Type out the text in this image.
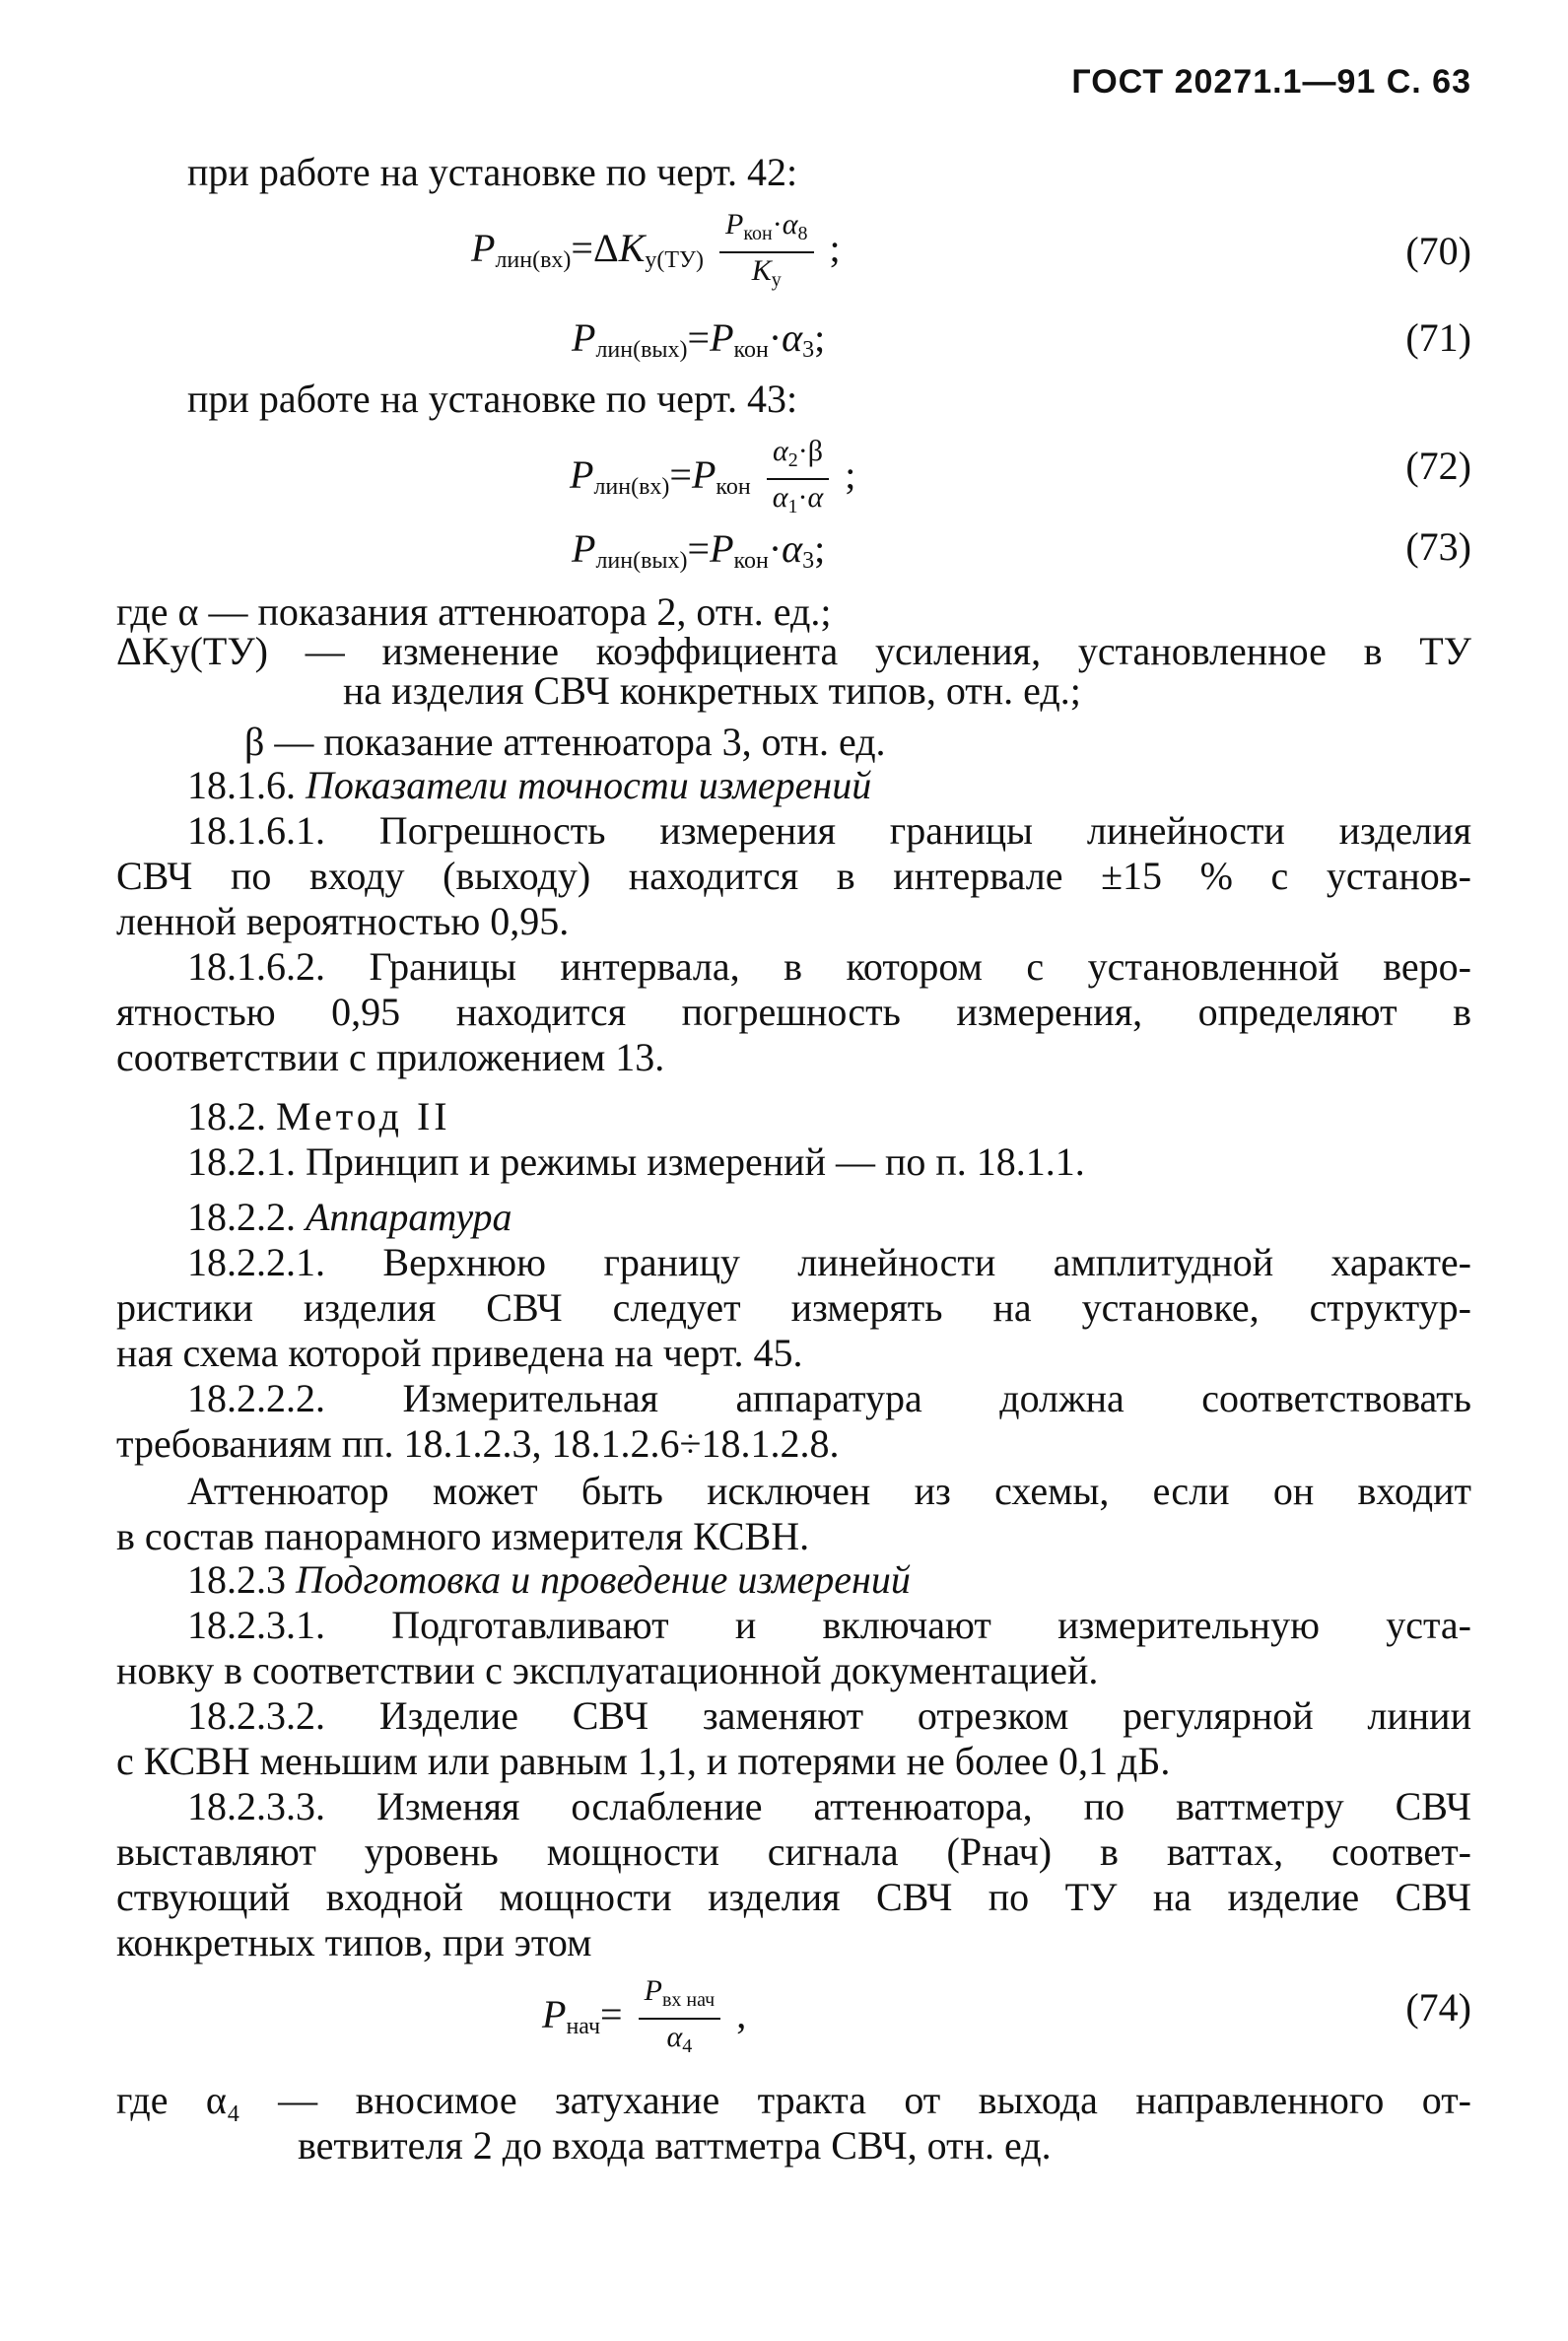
ГОСТ 20271.1—91 С. 63
при работе на установке по черт. 42:
$P_{лин(вх)}=\Delta K_{у(ТУ)} \frac{P_{кон}\cdot\alpha_8}{K_у}$ ;	(70)
$P_{лин(вых)}=P_{кон}\cdot\alpha_3$;	(71)
при работе на установке по черт. 43:
$P_{лин(вх)}=P_{кон} \frac{\alpha_2\cdot\beta}{\alpha_1\cdot\alpha}$ ;	(72)
$P_{лин(вых)}=P_{кон}\cdot\alpha_3$;	(73)
где α — показания аттенюатора 2, отн. ед.;
ΔKу(ТУ) — изменение коэффициента усиления, установленное в ТУ
на изделия СВЧ конкретных типов, отн. ед.;
β — показание аттенюатора 3, отн. ед.
18.1.6. Показатели точности измерений
18.1.6.1. Погрешность измерения границы линейности изделия
СВЧ по входу (выходу) находится в интервале ±15 % с установ-
ленной вероятностью 0,95.
18.1.6.2. Границы интервала, в котором с установленной веро-
ятностью 0,95 находится погрешность измерения, определяют в
соответствии с приложением 13.
18.2. Метод II
18.2.1. Принцип и режимы измерений — по п. 18.1.1.
18.2.2. Аппаратура
18.2.2.1. Верхнюю границу линейности амплитудной характе-
ристики изделия СВЧ следует измерять на установке, структур-
ная схема которой приведена на черт. 45.
18.2.2.2. Измерительная аппаратура должна соответствовать
требованиям пп. 18.1.2.3, 18.1.2.6÷18.1.2.8.
Аттенюатор может быть исключен из схемы, если он входит
в состав панорамного измерителя КСВН.
18.2.3 Подготовка и проведение измерений
18.2.3.1. Подготавливают и включают измерительную уста-
новку в соответствии с эксплуатационной документацией.
18.2.3.2. Изделие СВЧ заменяют отрезком регулярной линии
с КСВН меньшим или равным 1,1, и потерями не более 0,1 дБ.
18.2.3.3. Изменяя ослабление аттенюатора, по ваттметру СВЧ
выставляют уровень мощности сигнала (Pнач) в ваттах, соответ-
ствующий входной мощности изделия СВЧ по ТУ на изделие СВЧ
конкретных типов, при этом
$P_{нач}= \frac{P_{вх нач}}{\alpha_4}$ ,	(74)
где α₄ — вносимое затухание тракта от выхода направленного от-
ветвителя 2 до входа ваттметра СВЧ, отн. ед.
